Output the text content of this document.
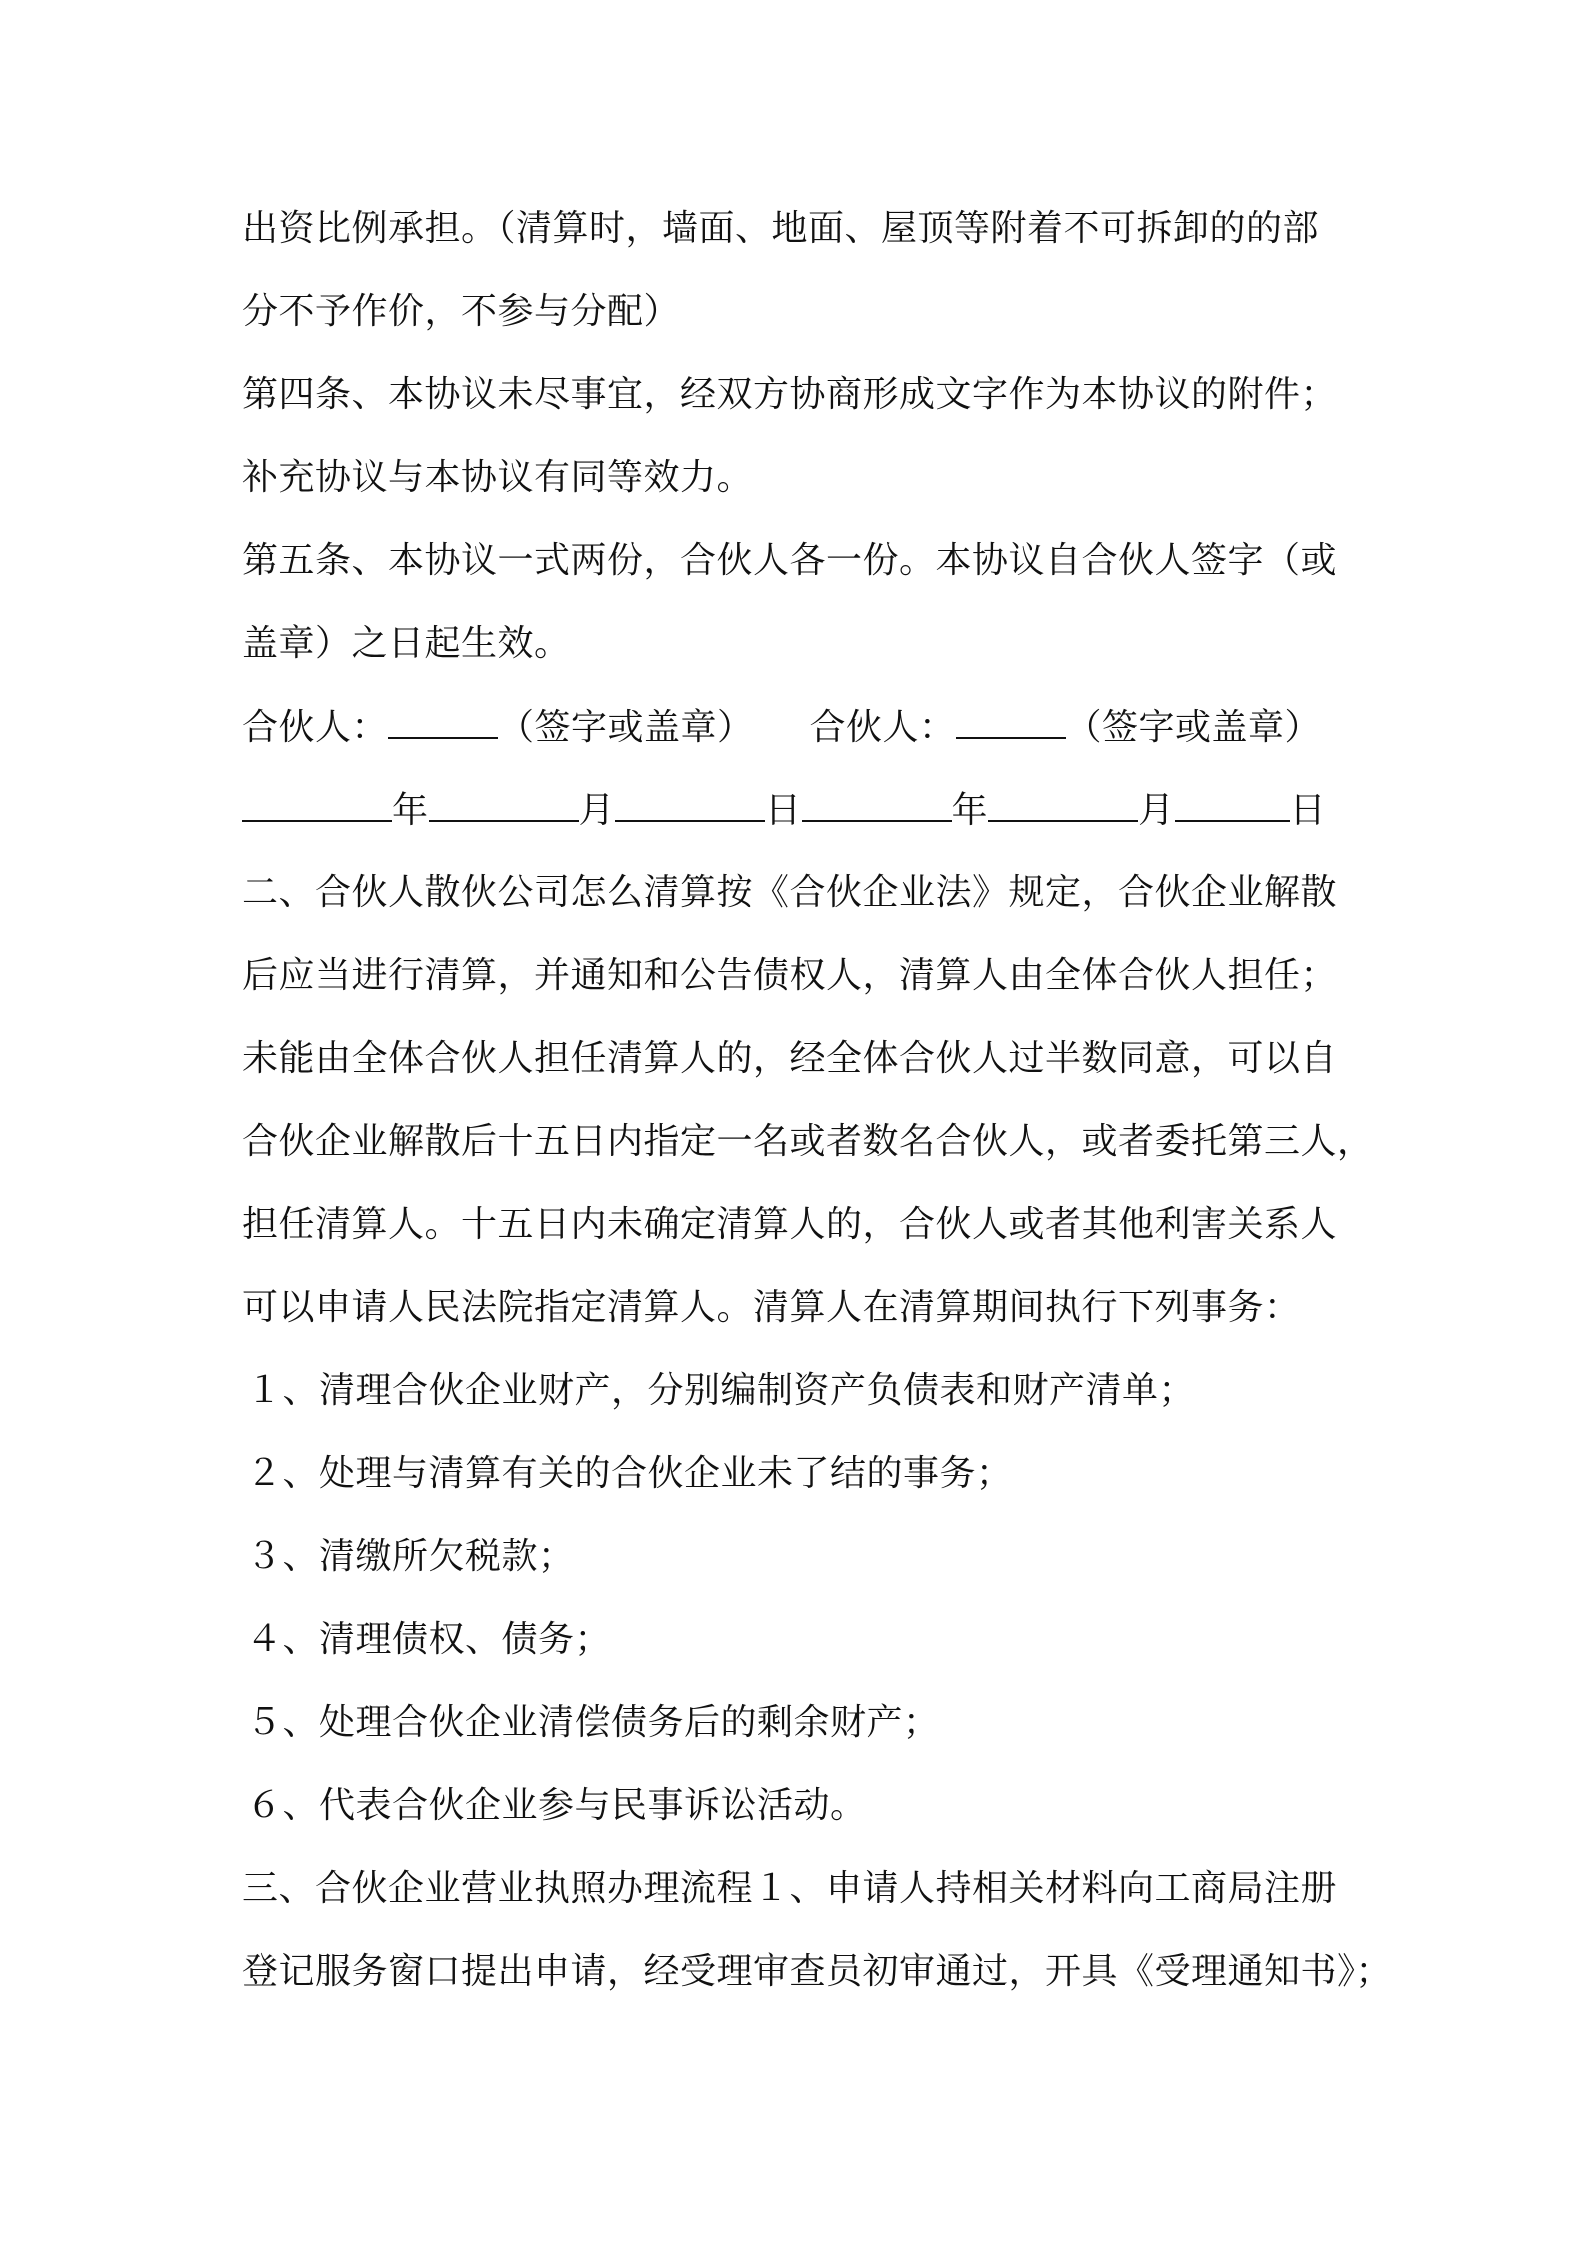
出资比例承担。（清算时，墙面、地面、屋顶等附着不可拆卸的的部
分不予作价，不参与分配）
第四条、本协议未尽事宜，经双方协商形成文字作为本协议的附件；
补充协议与本协议有同等效力。
第五条、本协议一式两份，合伙人各一份。本协议自合伙人签字（或
盖章）之日起生效。
合伙人：	（签字或盖章） 合伙人：	（签字或盖章）
年	月	日	年	月	日
二、合伙人散伙公司怎么清算按《合伙企业法》规定，合伙企业解散
后应当进行清算，并通知和公告债权人，清算人由全体合伙人担任；
未能由全体合伙人担任清算人的，经全体合伙人过半数同意，可以自
合伙企业解散后十五日内指定一名或者数名合伙人，或者委托第三人，
担任清算人。十五日内未确定清算人的，合伙人或者其他利害关系人
可以申请人民法院指定清算人。清算人在清算期间执行下列事务：
１、清理合伙企业财产，分别编制资产负债表和财产清单；
２、处理与清算有关的合伙企业未了结的事务；
３、清缴所欠税款；
４、清理债权、债务；
５、处理合伙企业清偿债务后的剩余财产；
６、代表合伙企业参与民事诉讼活动。
三、合伙企业营业执照办理流程１、申请人持相关材料向工商局注册
登记服务窗口提出申请，经受理审查员初审通过，开具《受理通知书》；
